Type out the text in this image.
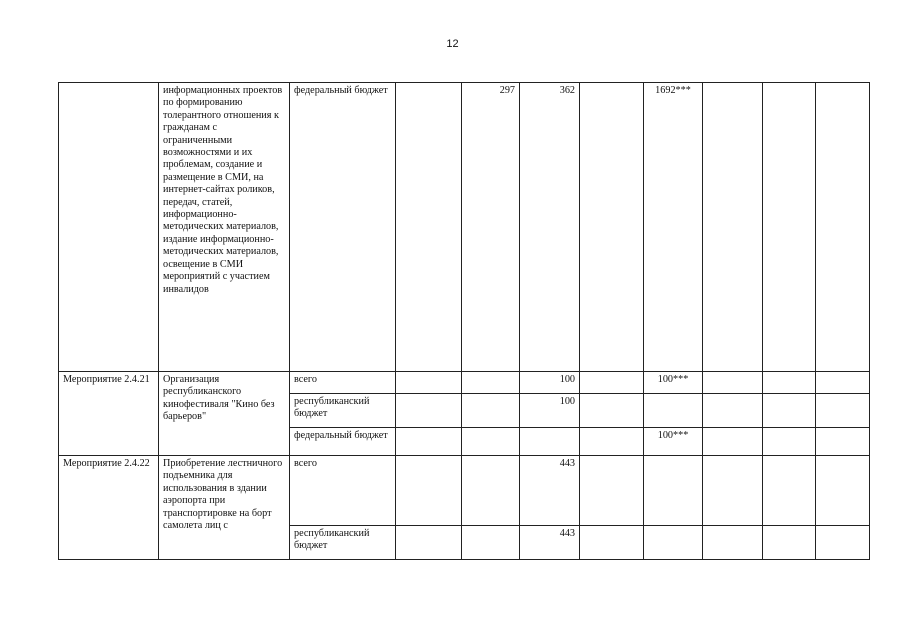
12

	информационных проектов по формированию толерантного отношения к гражданам с ограниченными возможностями и их проблемам, создание и размещение в СМИ, на интернет-сайтах роликов, передач, статей, информационно-методических материалов, издание информационно-методических материалов, освещение в СМИ мероприятий с участием инвалидов	федеральный бюджет		297	362		1692***			
Мероприятие 2.4.21	Организация республиканского кинофестиваля "Кино без барьеров"	всего			100		100***			
		республиканский бюджет			100					
		федеральный бюджет					100***			
Мероприятие 2.4.22	Приобретение лестничного подъемника для использования в здании аэропорта при транспортировке на борт самолета лиц с	всего			443					
		республиканский бюджет			443					
